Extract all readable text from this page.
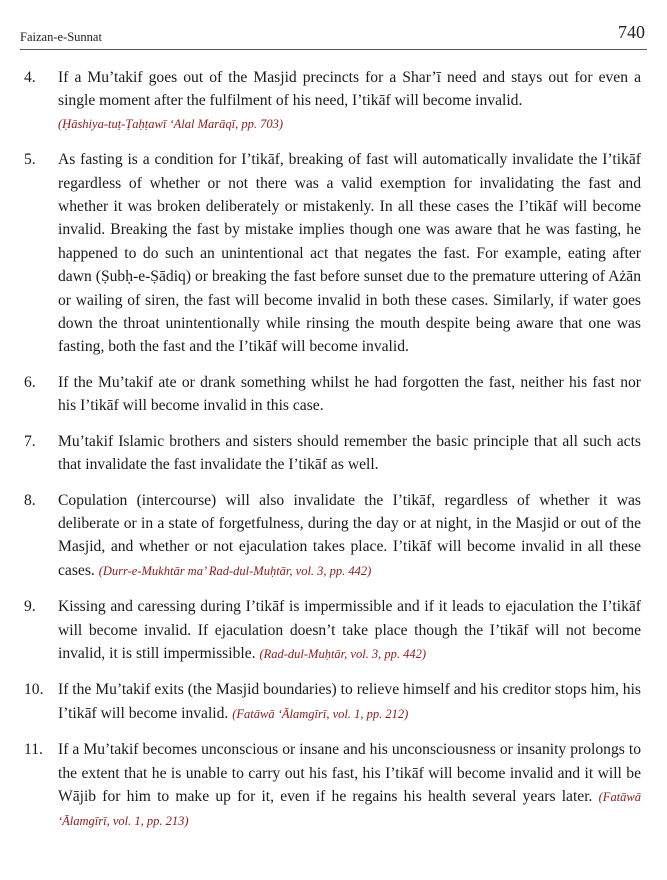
Faizan-e-Sunnat	740
4.	If a Mu’takif goes out of the Masjid precincts for a Shar’ī need and stays out for even a single moment after the fulfilment of his need, I’tikāf will become invalid.
(Ḥāshiya-tuṭ-Ṭaḥṭawī ‘Alal Marāqī, pp. 703)
5.	As fasting is a condition for I’tikāf, breaking of fast will automatically invalidate the I’tikāf regardless of whether or not there was a valid exemption for invalidating the fast and whether it was broken deliberately or mistakenly. In all these cases the I’tikāf will become invalid. Breaking the fast by mistake implies though one was aware that he was fasting, he happened to do such an unintentional act that negates the fast. For example, eating after dawn (Ṣubḥ-e-Ṣādiq) or breaking the fast before sunset due to the premature uttering of Ażān or wailing of siren, the fast will become invalid in both these cases. Similarly, if water goes down the throat unintentionally while rinsing the mouth despite being aware that one was fasting, both the fast and the I’tikāf will become invalid.
6.	If the Mu’takif ate or drank something whilst he had forgotten the fast, neither his fast nor his I’tikāf will become invalid in this case.
7.	Mu’takif Islamic brothers and sisters should remember the basic principle that all such acts that invalidate the fast invalidate the I’tikāf as well.
8.	Copulation (intercourse) will also invalidate the I’tikāf, regardless of whether it was deliberate or in a state of forgetfulness, during the day or at night, in the Masjid or out of the Masjid, and whether or not ejaculation takes place. I’tikāf will become invalid in all these cases. (Durr-e-Mukhtār ma’ Rad-dul-Muḥtār, vol. 3, pp. 442)
9.	Kissing and caressing during I’tikāf is impermissible and if it leads to ejaculation the I’tikāf will become invalid. If ejaculation doesn’t take place though the I’tikāf will not become invalid, it is still impermissible. (Rad-dul-Muḥtār, vol. 3, pp. 442)
10. If the Mu’takif exits (the Masjid boundaries) to relieve himself and his creditor stops him, his I’tikāf will become invalid. (Fatāwā ‘Ālamgīrī, vol. 1, pp. 212)
11. If a Mu’takif becomes unconscious or insane and his unconsciousness or insanity prolongs to the extent that he is unable to carry out his fast, his I’tikāf will become invalid and it will be Wājib for him to make up for it, even if he regains his health several years later. (Fatāwā ‘Ālamgīrī, vol. 1, pp. 213)
